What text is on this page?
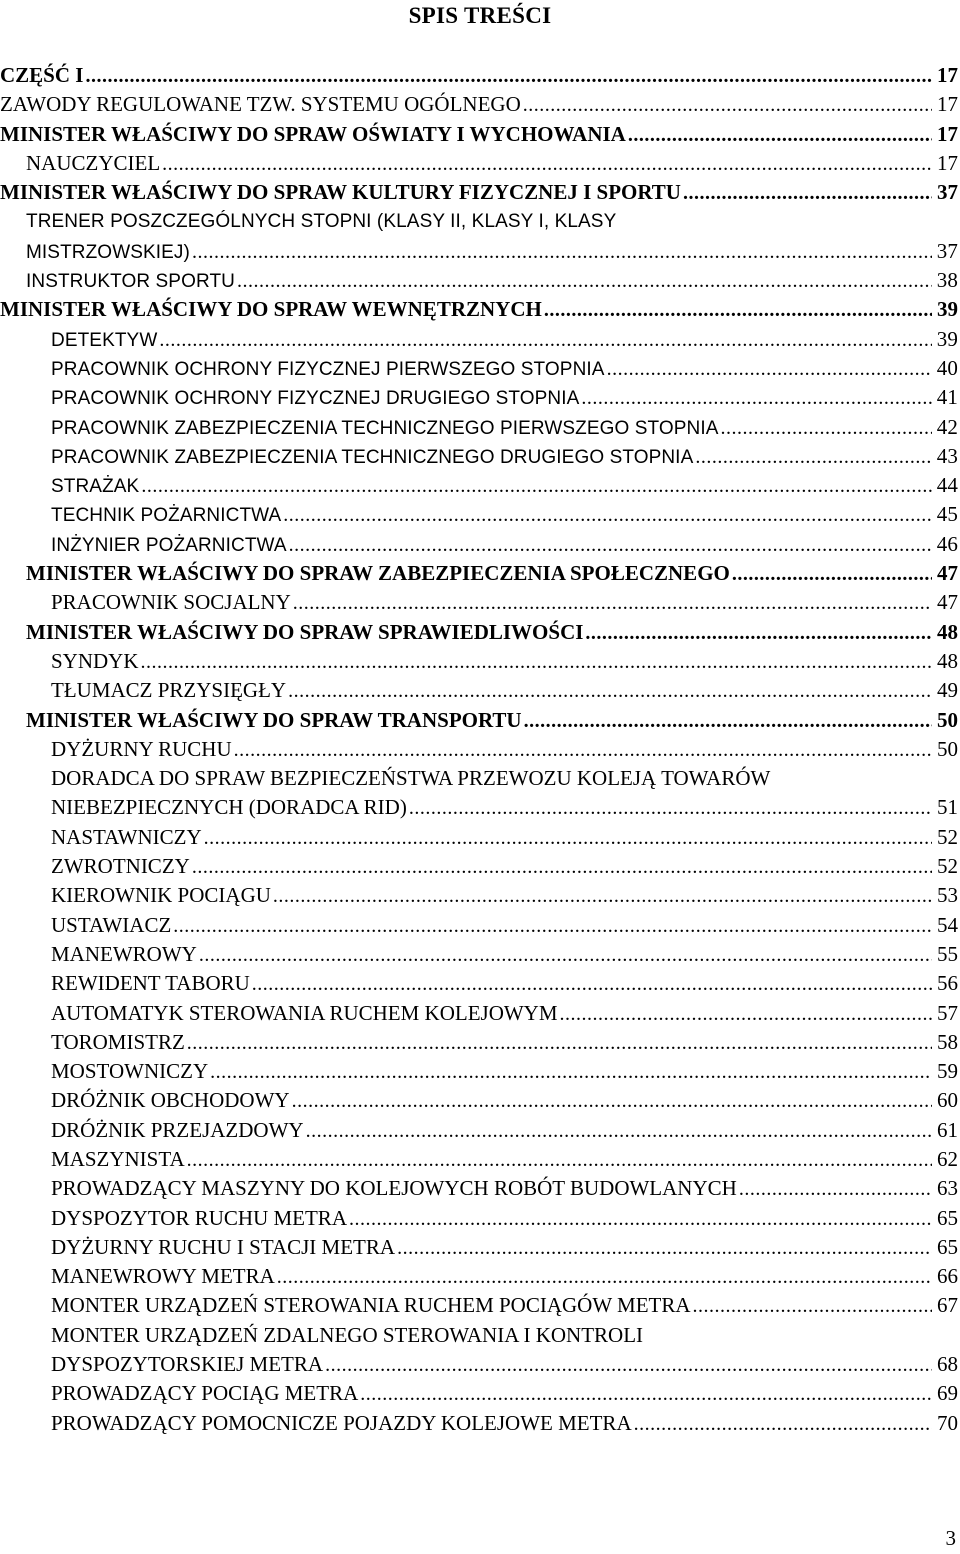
SPIS TREŚCI
CZĘŚĆ I .....	17
ZAWODY REGULOWANE TZW. SYSTEMU OGÓLNEGO .....	17
MINISTER WŁAŚCIWY DO SPRAW OŚWIATY I WYCHOWANIA .....	17
NAUCZYCIEL .....	17
MINISTER WŁAŚCIWY DO SPRAW KULTURY FIZYCZNEJ I SPORTU .....	37
TRENER POSZCZEGÓLNYCH STOPNI (KLASY II, KLASY I, KLASY
MISTRZOWSKIEJ) .....	37
INSTRUKTOR SPORTU .....	38
MINISTER WŁAŚCIWY DO SPRAW WEWNĘTRZNYCH .....	39
DETEKTYW .....	39
PRACOWNIK OCHRONY FIZYCZNEJ PIERWSZEGO STOPNIA .....	40
PRACOWNIK OCHRONY FIZYCZNEJ DRUGIEGO STOPNIA .....	41
PRACOWNIK ZABEZPIECZENIA TECHNICZNEGO PIERWSZEGO STOPNIA .....	42
PRACOWNIK ZABEZPIECZENIA TECHNICZNEGO DRUGIEGO STOPNIA .....	43
STRAŻAK .....	44
TECHNIK POŻARNICTWA .....	45
INŻYNIER POŻARNICTWA .....	46
MINISTER WŁAŚCIWY DO SPRAW ZABEZPIECZENIA SPOŁECZNEGO .....	47
PRACOWNIK SOCJALNY .....	47
MINISTER WŁAŚCIWY DO SPRAW SPRAWIEDLIWOŚCI .....	48
SYNDYK .....	48
TŁUMACZ PRZYSIĘGŁY .....	49
MINISTER WŁAŚCIWY DO SPRAW TRANSPORTU .....	50
DYŻURNY RUCHU .....	50
DORADCA DO SPRAW BEZPIECZEŃSTWA PRZEWOZU KOLEJĄ TOWARÓW
NIEBEZPIECZNYCH (DORADCA RID) .....	51
NASTAWNICZY .....	52
ZWROTNICZY .....	52
KIEROWNIK POCIĄGU .....	53
USTAWIACZ .....	54
MANEWROWY .....	55
REWIDENT TABORU .....	56
AUTOMATYK STEROWANIA RUCHEM KOLEJOWYM .....	57
TOROMISTRZ .....	58
MOSTOWNICZY .....	59
DRÓŻNIK OBCHODOWY .....	60
DRÓŻNIK PRZEJAZDOWY .....	61
MASZYNISTA .....	62
PROWADZĄCY MASZYNY DO KOLEJOWYCH ROBÓT BUDOWLANYCH .....	63
DYSPOZYTOR RUCHU METRA .....	65
DYŻURNY RUCHU I STACJI METRA .....	65
MANEWROWY METRA .....	66
MONTER URZĄDZEŃ STEROWANIA RUCHEM POCIĄGÓW METRA .....	67
MONTER URZĄDZEŃ ZDALNEGO STEROWANIA I KONTROLI
DYSPOZYTORSKIEJ METRA .....	68
PROWADZĄCY POCIĄG METRA .....	69
PROWADZĄCY POMOCNICZE POJAZDY KOLEJOWE METRA .....	70
3
